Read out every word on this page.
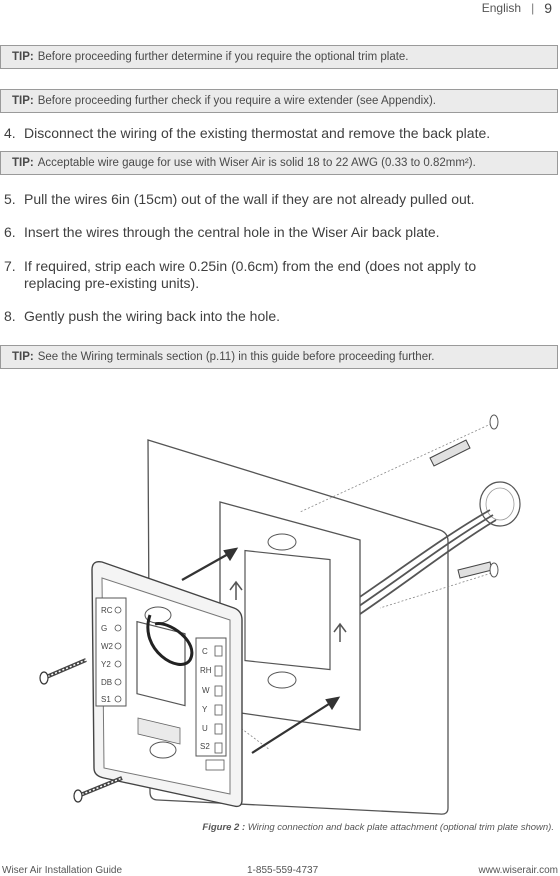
English | 9
TIP: Before proceeding further determine if you require the optional trim plate.
TIP: Before proceeding further check if you require a wire extender (see Appendix).
4. Disconnect the wiring of the existing thermostat and remove the back plate.
TIP: Acceptable wire gauge for use with Wiser Air is solid 18 to 22 AWG (0.33 to 0.82mm²).
5. Pull the wires 6in (15cm) out of the wall if they are not already pulled out.
6. Insert the wires through the central hole in the Wiser Air back plate.
7. If required, strip each wire 0.25in (0.6cm) from the end (does not apply to replacing pre-existing units).
8. Gently push the wiring back into the hole.
TIP: See the Wiring terminals section (p.11) in this guide before proceeding further.
RC
G
W2
Y2
DB
S1
C
RH
W
Y
U
S2
Figure 2 : Wiring connection and back plate attachment (optional trim plate shown).
Wiser Air Installation Guide	1-855-559-4737	www.wiserair.com
